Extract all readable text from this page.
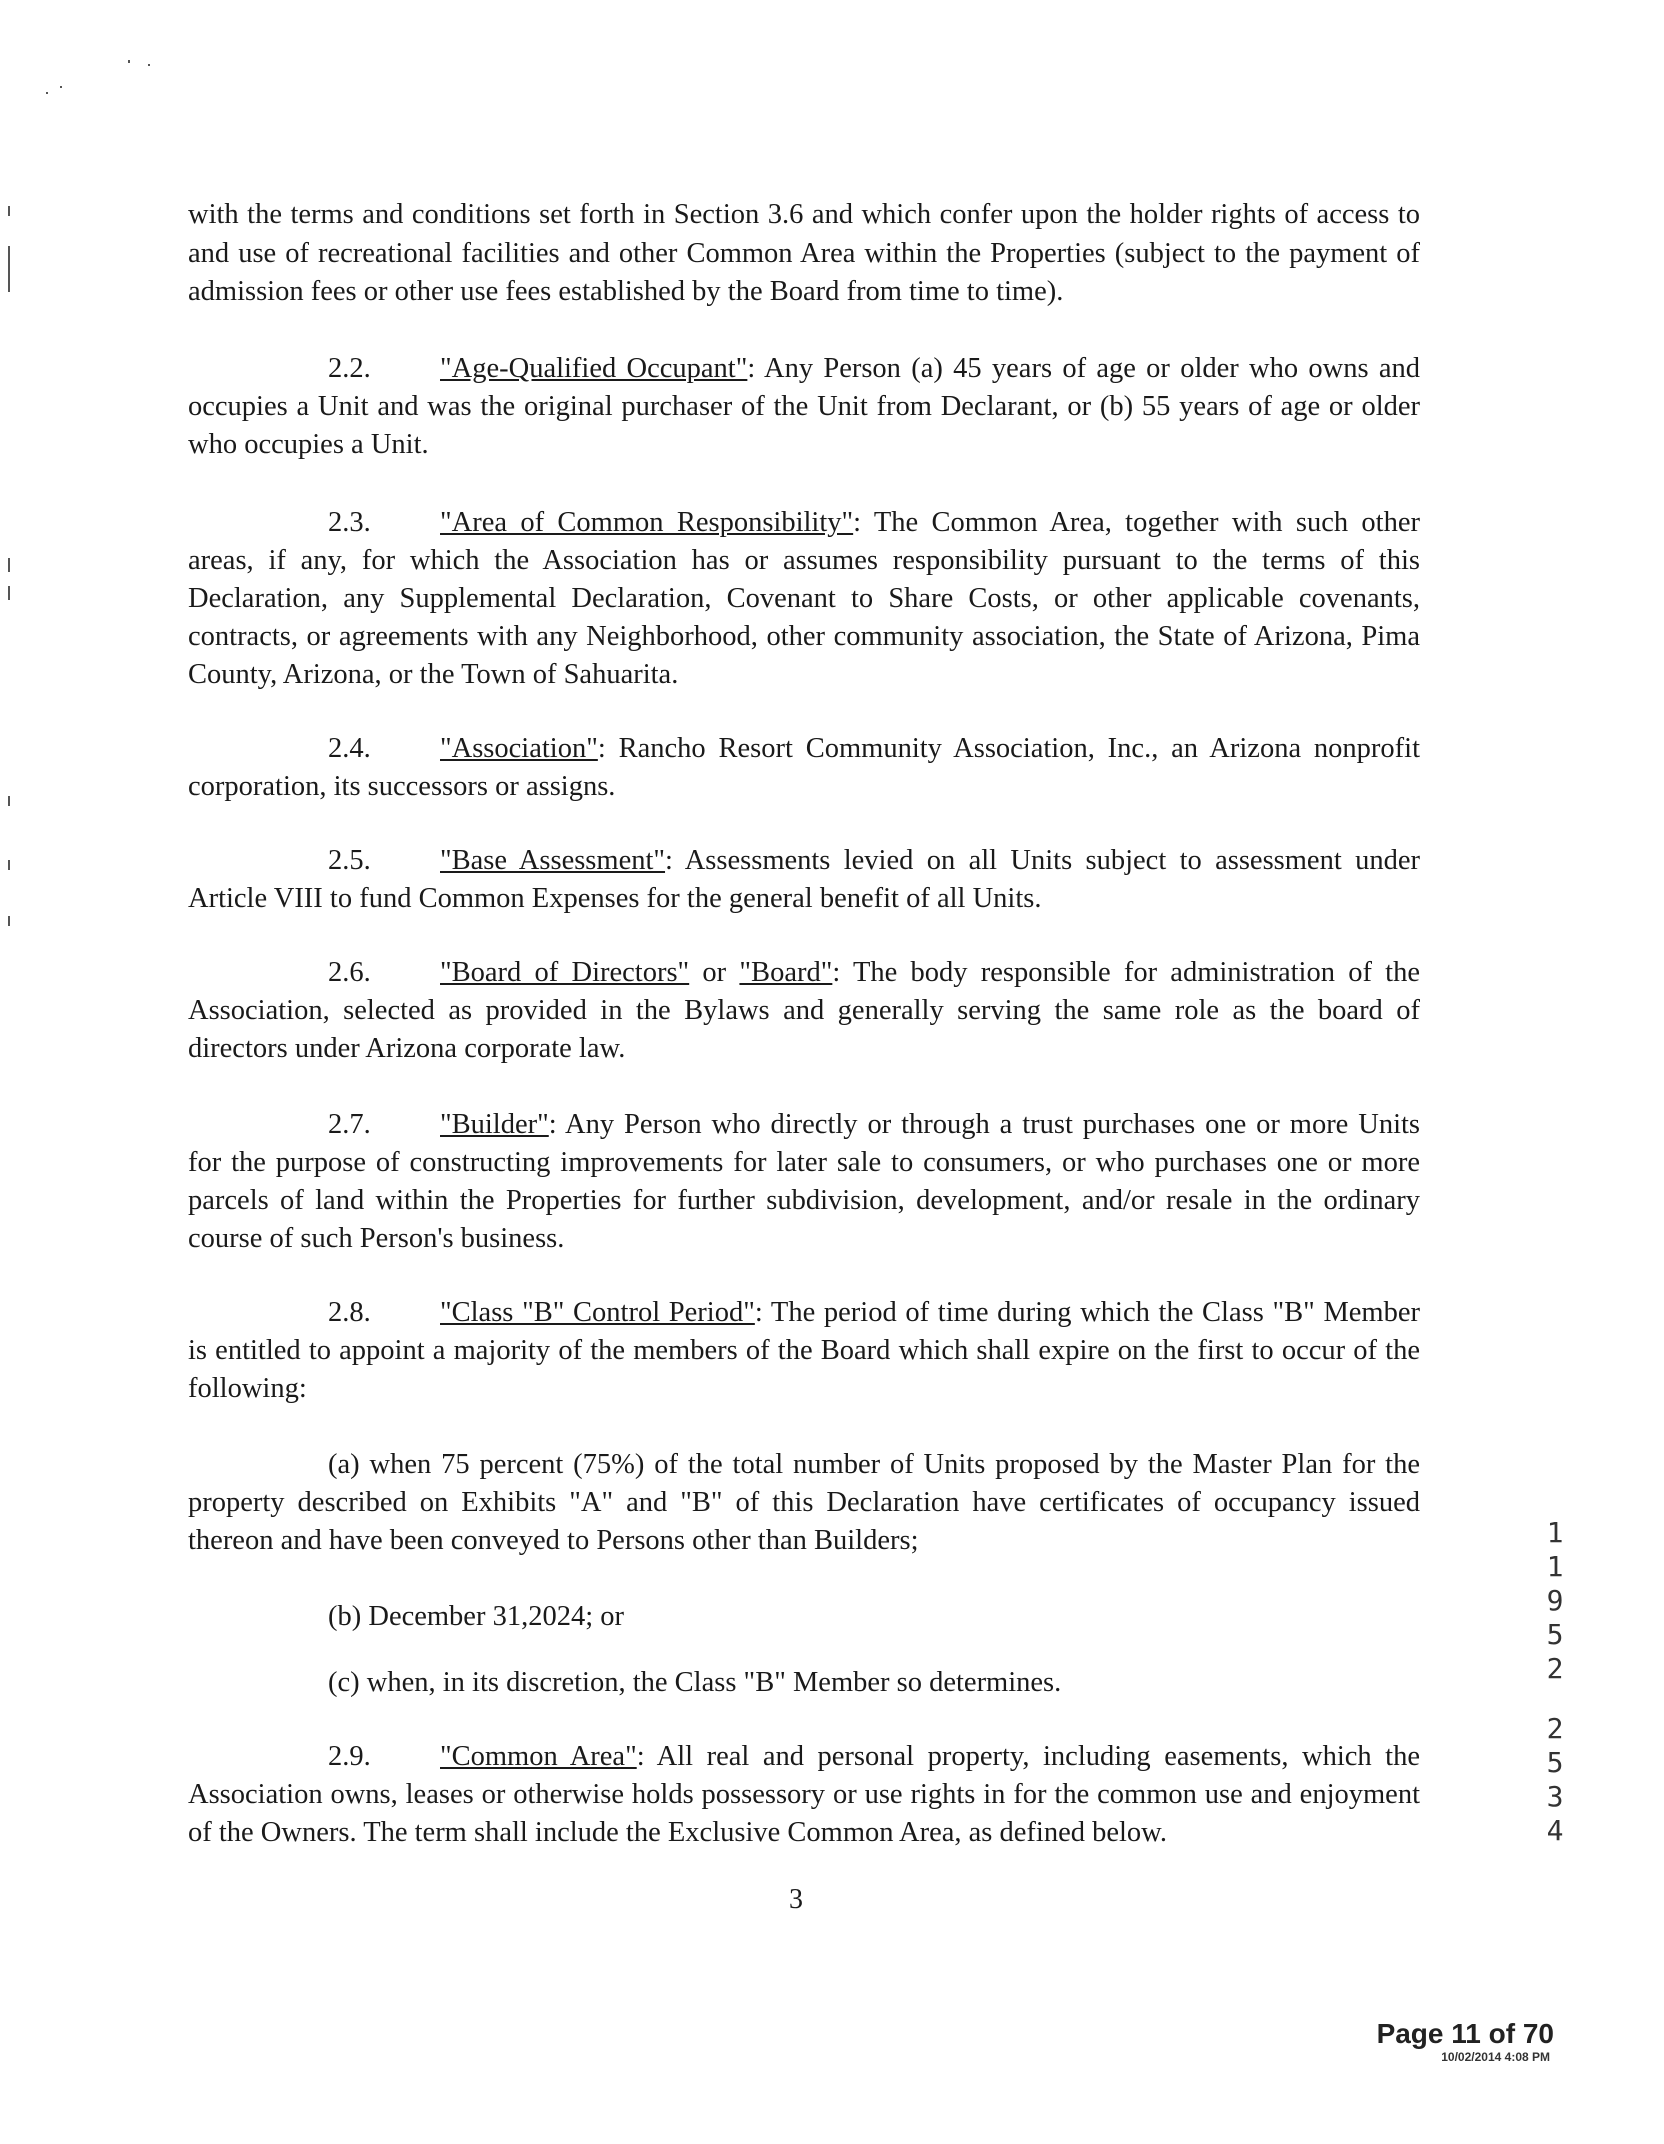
with the terms and conditions set forth in Section 3.6 and which confer upon the holder rights of access to and use of recreational facilities and other Common Area within the Properties (subject to the payment of admission fees or other use fees established by the Board from time to time).
2.2. "Age-Qualified Occupant": Any Person (a) 45 years of age or older who owns and occupies a Unit and was the original purchaser of the Unit from Declarant, or (b) 55 years of age or older who occupies a Unit.
2.3. "Area of Common Responsibility": The Common Area, together with such other areas, if any, for which the Association has or assumes responsibility pursuant to the terms of this Declaration, any Supplemental Declaration, Covenant to Share Costs, or other applicable covenants, contracts, or agreements with any Neighborhood, other community association, the State of Arizona, Pima County, Arizona, or the Town of Sahuarita.
2.4. "Association": Rancho Resort Community Association, Inc., an Arizona nonprofit corporation, its successors or assigns.
2.5. "Base Assessment": Assessments levied on all Units subject to assessment under Article VIII to fund Common Expenses for the general benefit of all Units.
2.6. "Board of Directors" or "Board": The body responsible for administration of the Association, selected as provided in the Bylaws and generally serving the same role as the board of directors under Arizona corporate law.
2.7. "Builder": Any Person who directly or through a trust purchases one or more Units for the purpose of constructing improvements for later sale to consumers, or who purchases one or more parcels of land within the Properties for further subdivision, development, and/or resale in the ordinary course of such Person's business.
2.8. "Class "B" Control Period": The period of time during which the Class "B" Member is entitled to appoint a majority of the members of the Board which shall expire on the first to occur of the following:
(a) when 75 percent (75%) of the total number of Units proposed by the Master Plan for the property described on Exhibits "A" and "B" of this Declaration have certificates of occupancy issued thereon and have been conveyed to Persons other than Builders;
(b) December 31,2024; or
(c) when, in its discretion, the Class "B" Member so determines.
2.9. "Common Area": All real and personal property, including easements, which the Association owns, leases or otherwise holds possessory or use rights in for the common use and enjoyment of the Owners. The term shall include the Exclusive Common Area, as defined below.
3
1
1
9
5
2
2
5
3
4
Page 11 of 70
10/02/2014 4:08 PM
